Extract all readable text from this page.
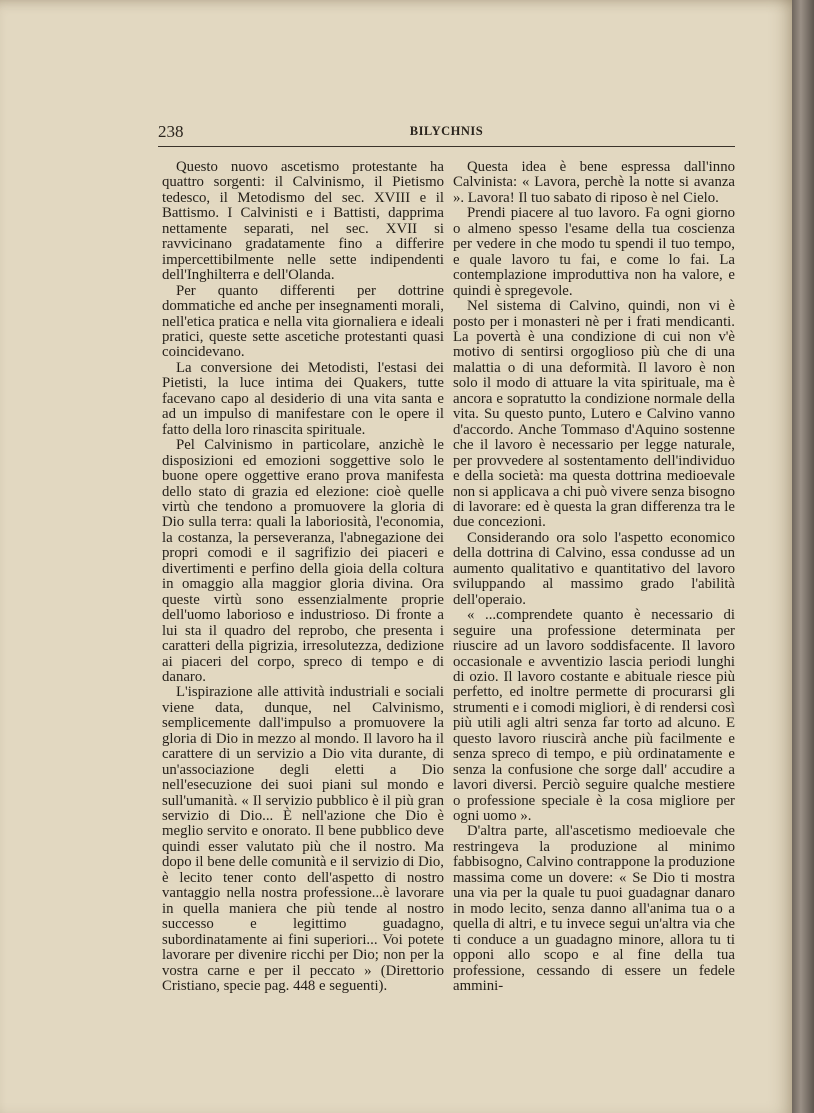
238	BILYCHNIS

Questo nuovo ascetismo protestante ha quattro sorgenti: il Calvinismo, il Pietismo tedesco, il Metodismo del sec. XVIII e il Battismo. I Calvinisti e i Battisti, dapprima nettamente separati, nel sec. XVII si ravvicinano gradatamente fino a differire impercettibilmente nelle sette indipendenti dell'Inghilterra e dell'Olanda.

Per quanto differenti per dottrine dommatiche ed anche per insegnamenti morali, nell'etica pratica e nella vita giornaliera e ideali pratici, queste sette ascetiche protestanti quasi coincidevano.

La conversione dei Metodisti, l'estasi dei Pietisti, la luce intima dei Quakers, tutte facevano capo al desiderio di una vita santa e ad un impulso di manifestare con le opere il fatto della loro rinascita spirituale.

Pel Calvinismo in particolare, anzichè le disposizioni ed emozioni soggettive solo le buone opere oggettive erano prova manifesta dello stato di grazia ed elezione: cioè quelle virtù che tendono a promuovere la gloria di Dio sulla terra: quali la laboriosità, l'economia, la costanza, la perseveranza, l'abnegazione dei propri comodi e il sagrifizio dei piaceri e divertimenti e perfino della gioia della coltura in omaggio alla maggior gloria divina. Ora queste virtù sono essenzialmente proprie dell'uomo laborioso e industrioso. Di fronte a lui sta il quadro del reprobo, che presenta i caratteri della pigrizia, irresolutezza, dedizione ai piaceri del corpo, spreco di tempo e di danaro.

L'ispirazione alle attività industriali e sociali viene data, dunque, nel Calvinismo, semplicemente dall'impulso a promuovere la gloria di Dio in mezzo al mondo. Il lavoro ha il carattere di un servizio a Dio vita durante, di un'associazione degli eletti a Dio nell'esecuzione dei suoi piani sul mondo e sull'umanità. « Il servizio pubblico è il più gran servizio di Dio... È nell'azione che Dio è meglio servito e onorato. Il bene pubblico deve quindi esser valutato più che il nostro. Ma dopo il bene delle comunità e il servizio di Dio, è lecito tener conto dell'aspetto di nostro vantaggio nella nostra professione...è lavorare in quella maniera che più tende al nostro successo e legittimo guadagno, subordinatamente ai fini superiori... Voi potete lavorare per divenire ricchi per Dio; non per la vostra carne e per il peccato » (Direttorio Cristiano, specie pag. 448 e seguenti).

Questa idea è bene espressa dall'inno Calvinista: « Lavora, perchè la notte si avanza ». Lavora! Il tuo sabato di riposo è nel Cielo.

Prendi piacere al tuo lavoro. Fa ogni giorno o almeno spesso l'esame della tua coscienza per vedere in che modo tu spendi il tuo tempo, e quale lavoro tu fai, e come lo fai. La contemplazione improduttiva non ha valore, e quindi è spregevole.

Nel sistema di Calvino, quindi, non vi è posto per i monasteri nè per i frati mendicanti. La povertà è una condizione di cui non v'è motivo di sentirsi orgoglioso più che di una malattia o di una deformità. Il lavoro è non solo il modo di attuare la vita spirituale, ma è ancora e sopratutto la condizione normale della vita. Su questo punto, Lutero e Calvino vanno d'accordo. Anche Tommaso d'Aquino sostenne che il lavoro è necessario per legge naturale, per provvedere al sostentamento dell'individuo e della società: ma questa dottrina medioevale non si applicava a chi può vivere senza bisogno di lavorare: ed è questa la gran differenza tra le due concezioni.

Considerando ora solo l'aspetto economico della dottrina di Calvino, essa condusse ad un aumento qualitativo e quantitativo del lavoro sviluppando al massimo grado l'abilità dell'operaio.

« ...comprendete quanto è necessario di seguire una professione determinata per riuscire ad un lavoro soddisfacente. Il lavoro occasionale e avventizio lascia periodi lunghi di ozio. Il lavoro costante e abituale riesce più perfetto, ed inoltre permette di procurarsi gli strumenti e i comodi migliori, è di rendersi così più utili agli altri senza far torto ad alcuno. E questo lavoro riuscirà anche più facilmente e senza spreco di tempo, e più ordinatamente e senza la confusione che sorge dall' accudire a lavori diversi. Perciò seguire qualche mestiere o professione speciale è la cosa migliore per ogni uomo ».

D'altra parte, all'ascetismo medioevale che restringeva la produzione al minimo fabbisogno, Calvino contrappone la produzione massima come un dovere: « Se Dio ti mostra una via per la quale tu puoi guadagnar danaro in modo lecito, senza danno all'anima tua o a quella di altri, e tu invece segui un'altra via che ti conduce a un guadagno minore, allora tu ti opponi allo scopo e al fine della tua professione, cessando di essere un fedele ammini-
